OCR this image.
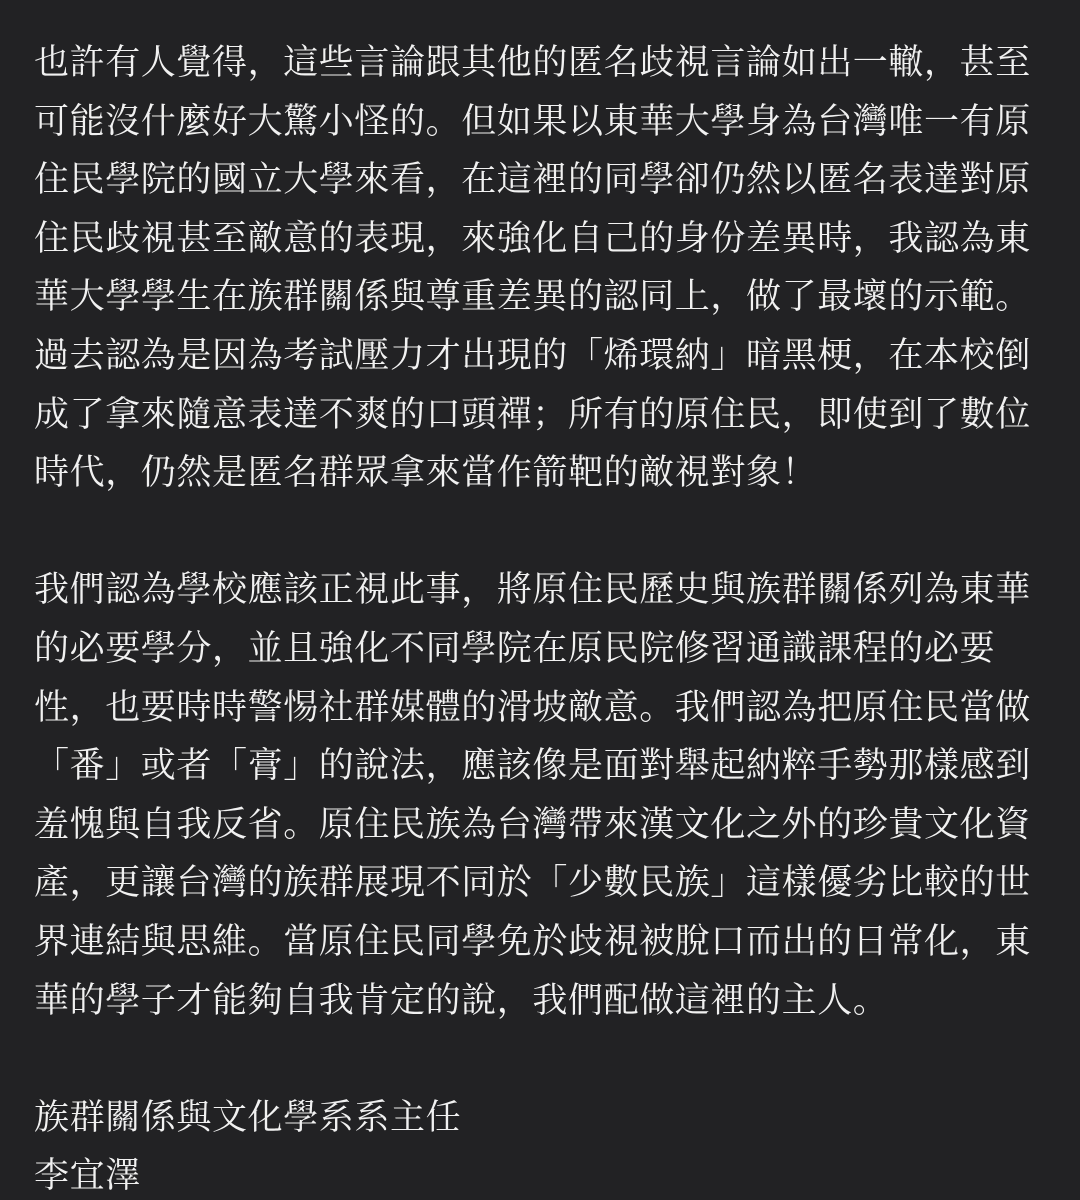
也許有人覺得，這些言論跟其他的匿名歧視言論如出一轍，甚至
可能沒什麼好大驚小怪的。但如果以東華大學身為台灣唯一有原
住民學院的國立大學來看，在這裡的同學卻仍然以匿名表達對原
住民歧視甚至敵意的表現，來強化自己的身份差異時，我認為東
華大學學生在族群關係與尊重差異的認同上，做了最壞的示範。
過去認為是因為考試壓力才出現的「烯環納」暗黑梗，在本校倒
成了拿來隨意表達不爽的口頭禪；所有的原住民，即使到了數位
時代，仍然是匿名群眾拿來當作箭靶的敵視對象！
我們認為學校應該正視此事，將原住民歷史與族群關係列為東華
的必要學分，並且強化不同學院在原民院修習通識課程的必要
性，也要時時警惕社群媒體的滑坡敵意。我們認為把原住民當做
「番」或者「膏」的說法，應該像是面對舉起納粹手勢那樣感到
羞愧與自我反省。原住民族為台灣帶來漢文化之外的珍貴文化資
產，更讓台灣的族群展現不同於「少數民族」這樣優劣比較的世
界連結與思維。當原住民同學免於歧視被脫口而出的日常化，東
華的學子才能夠自我肯定的說，我們配做這裡的主人。
族群關係與文化學系系主任
李宜澤
